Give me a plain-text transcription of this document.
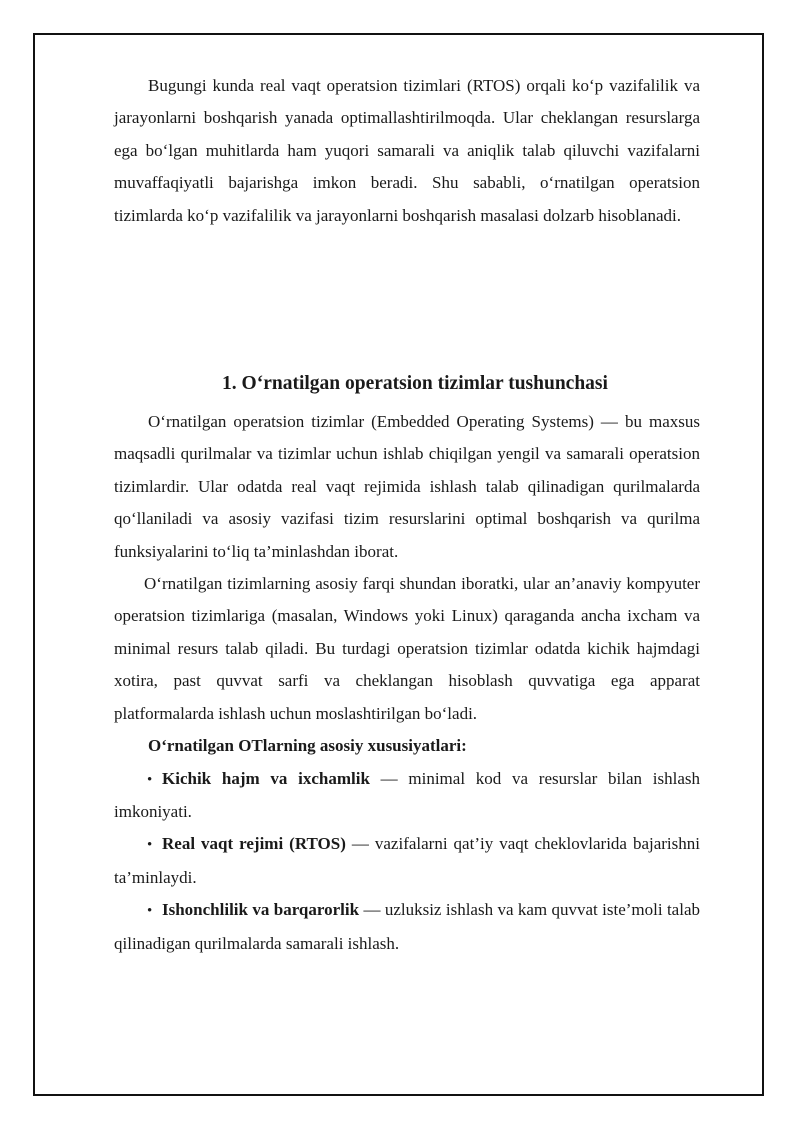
Bugungi kunda real vaqt operatsion tizimlari (RTOS) orqali ko‘p vazifalilik va jarayonlarni boshqarish yanada optimallashtirilmoqda. Ular cheklangan resurslarga ega bo‘lgan muhitlarda ham yuqori samarali va aniqlik talab qiluvchi vazifalarni muvaffaqiyatli bajarishga imkon beradi. Shu sababli, o‘rnatilgan operatsion tizimlarda ko‘p vazifalilik va jarayonlarni boshqarish masalasi dolzarb hisoblanadi.

1. O‘rnatilgan operatsion tizimlar tushunchasi

O‘rnatilgan operatsion tizimlar (Embedded Operating Systems) — bu maxsus maqsadli qurilmalar va tizimlar uchun ishlab chiqilgan yengil va samarali operatsion tizimlardir. Ular odatda real vaqt rejimida ishlash talab qilinadigan qurilmalarda qo‘llaniladi va asosiy vazifasi tizim resurslarini optimal boshqarish va qurilma funksiyalarini to‘liq ta’minlashdan iborat.

O‘rnatilgan tizimlarning asosiy farqi shundan iboratki, ular an’anaviy kompyuter operatsion tizimlariga (masalan, Windows yoki Linux) qaraganda ancha ixcham va minimal resurs talab qiladi. Bu turdagi operatsion tizimlar odatda kichik hajmdagi xotira, past quvvat sarfi va cheklangan hisoblash quvvatiga ega apparat platformalarda ishlash uchun moslashtirilgan bo‘ladi.

O‘rnatilgan OTlarning asosiy xususiyatlari:

• Kichik hajm va ixchamlik — minimal kod va resurslar bilan ishlash imkoniyati.

• Real vaqt rejimi (RTOS) — vazifalarni qat’iy vaqt cheklovlarida bajarishni ta’minlaydi.

• Ishonchlilik va barqarorlik — uzluksiz ishlash va kam quvvat iste’moli talab qilinadigan qurilmalarda samarali ishlash.
